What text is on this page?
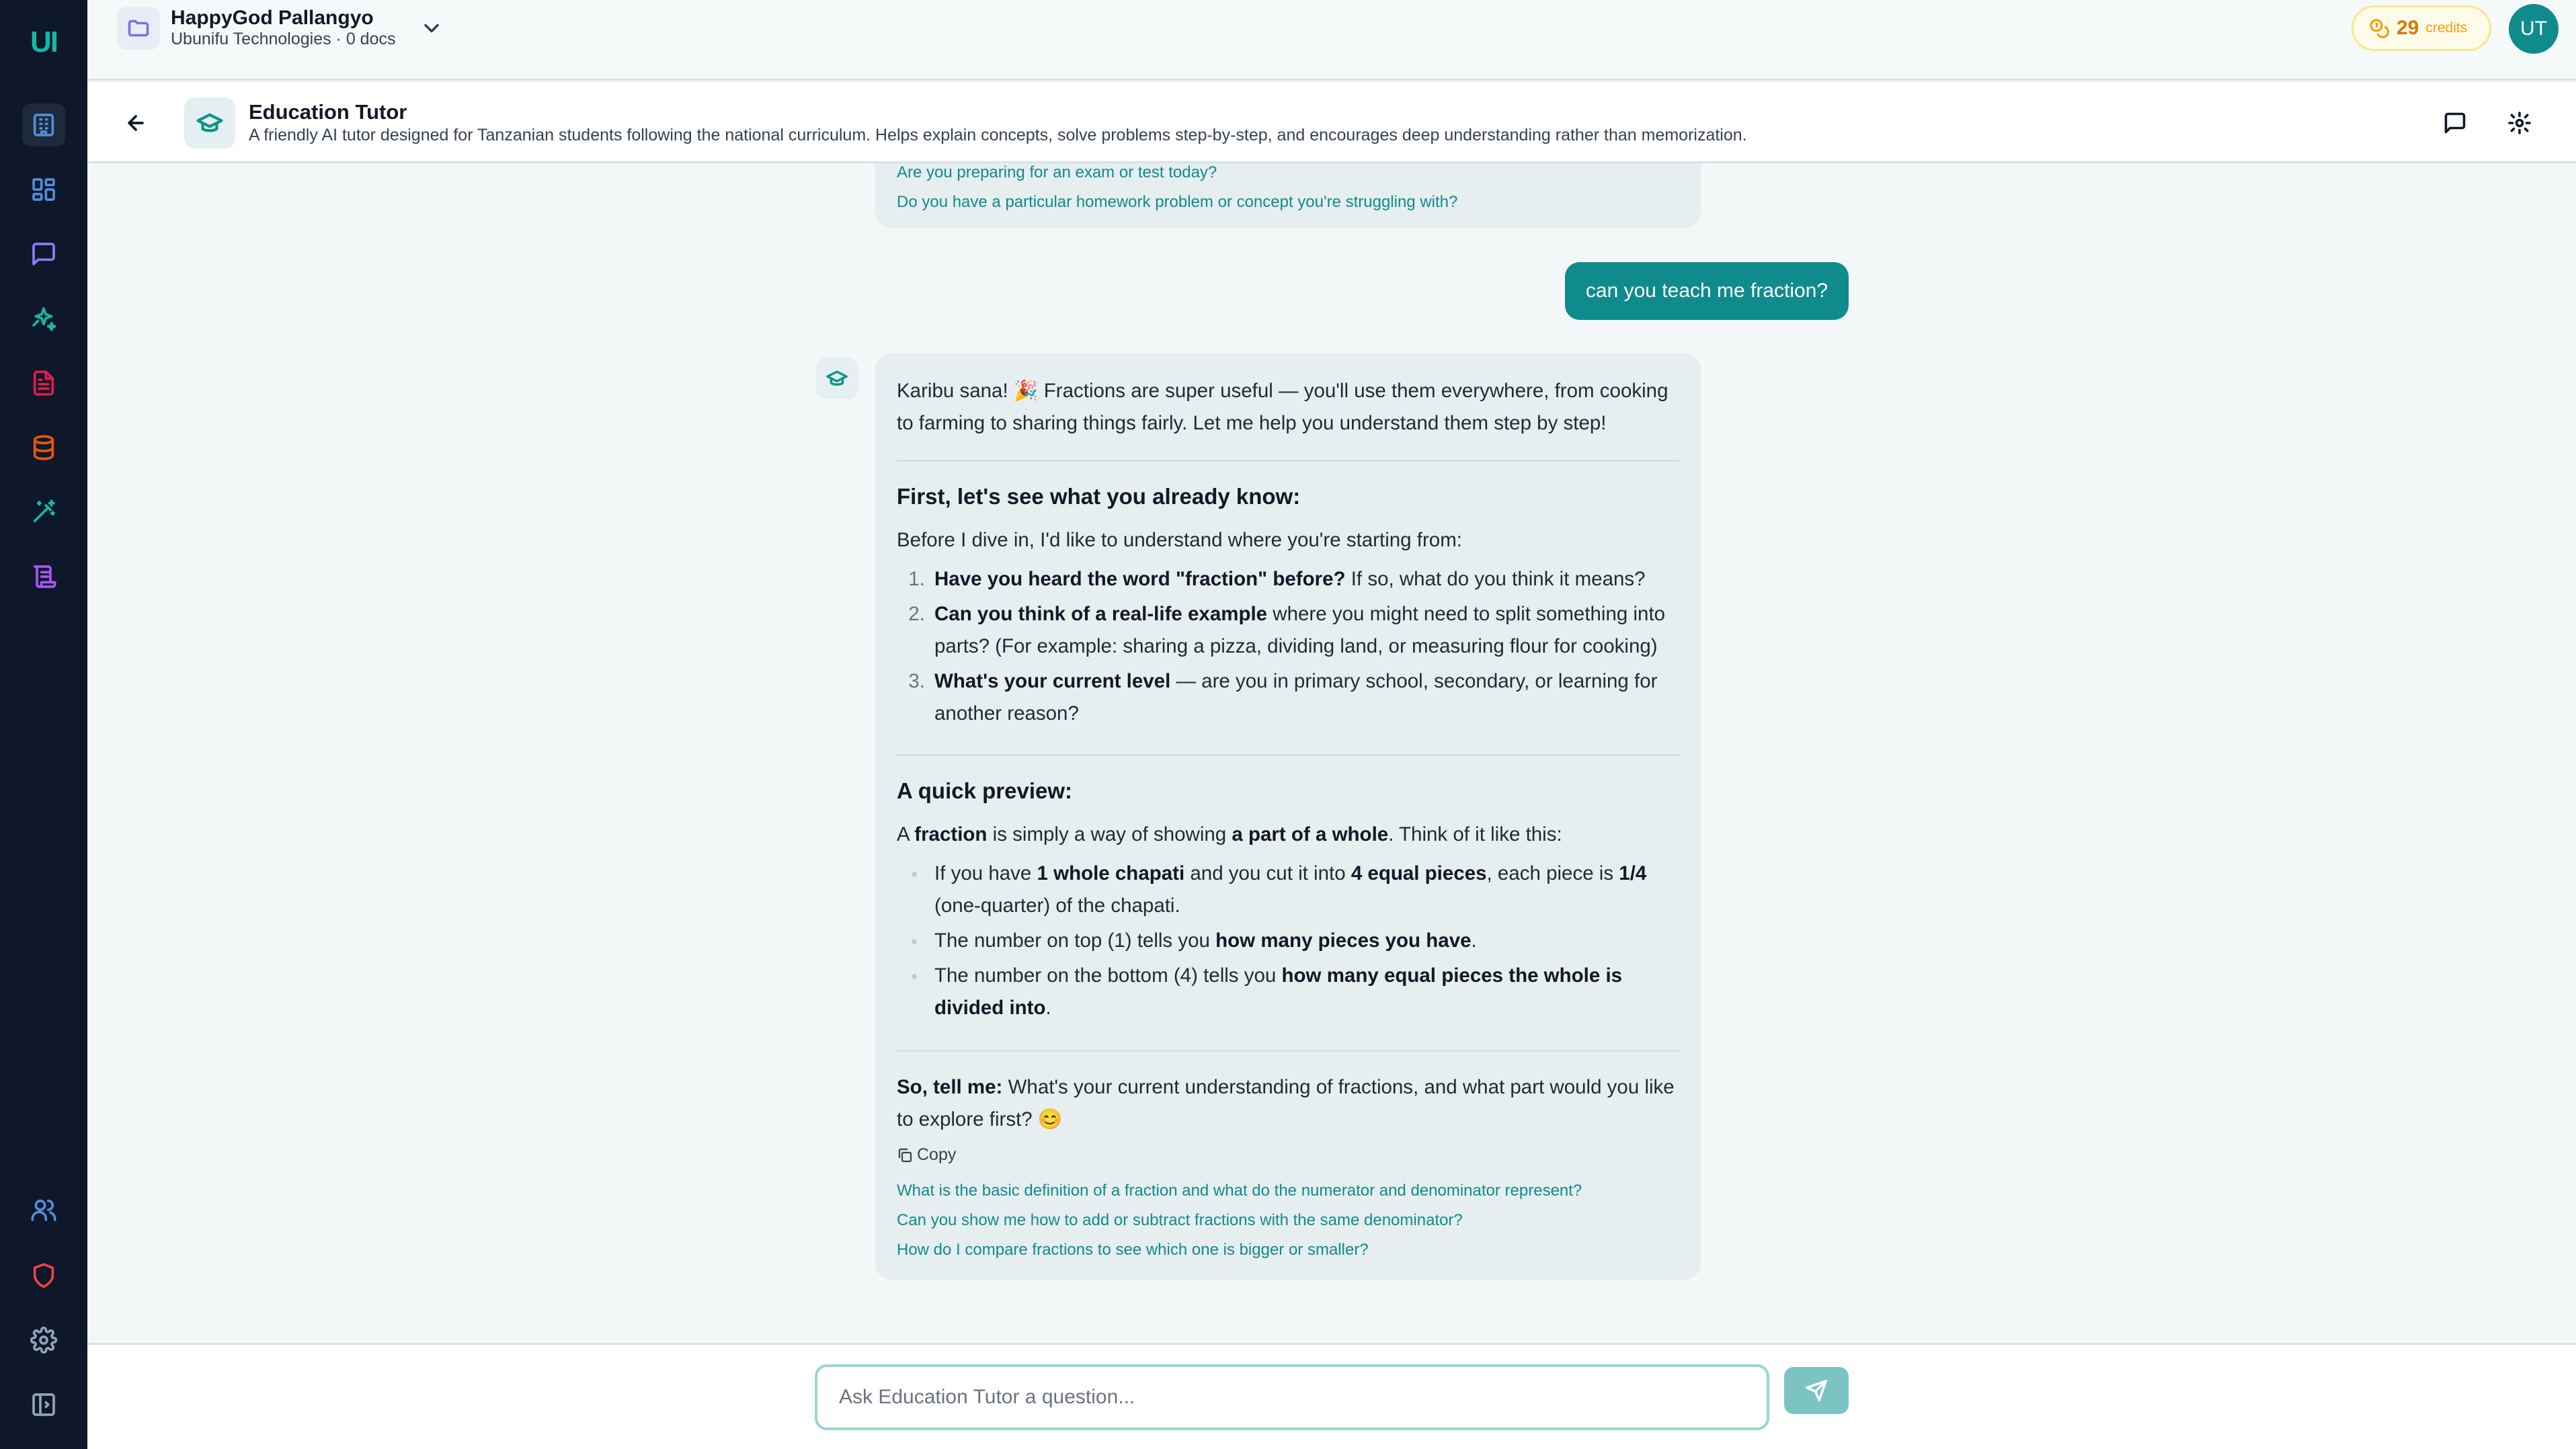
UI
HappyGod Pallangyo
Ubunifu Technologies · 0 docs	29 credits	UT
Education Tutor
A friendly AI tutor designed for Tanzanian students following the national curriculum. Helps explain concepts, solve problems step-by-step, and encourages deep understanding rather than memorization.
Are you preparing for an exam or test today?
Do you have a particular homework problem or concept you're struggling with?
can you teach me fraction?
Karibu sana! 🎉 Fractions are super useful — you'll use them everywhere, from cooking to farming to sharing things fairly. Let me help you understand them step by step!
First, let's see what you already know:
Before I dive in, I'd like to understand where you're starting from:
1. Have you heard the word "fraction" before? If so, what do you think it means?
2. Can you think of a real-life example where you might need to split something into parts? (For example: sharing a pizza, dividing land, or measuring flour for cooking)
3. What's your current level — are you in primary school, secondary, or learning for another reason?
A quick preview:
A fraction is simply a way of showing a part of a whole. Think of it like this:
If you have 1 whole chapati and you cut it into 4 equal pieces, each piece is 1/4 (one-quarter) of the chapati.
The number on top (1) tells you how many pieces you have.
The number on the bottom (4) tells you how many equal pieces the whole is divided into.
So, tell me: What's your current understanding of fractions, and what part would you like to explore first? 😊
Copy
What is the basic definition of a fraction and what do the numerator and denominator represent?
Can you show me how to add or subtract fractions with the same denominator?
How do I compare fractions to see which one is bigger or smaller?
Ask Education Tutor a question...
